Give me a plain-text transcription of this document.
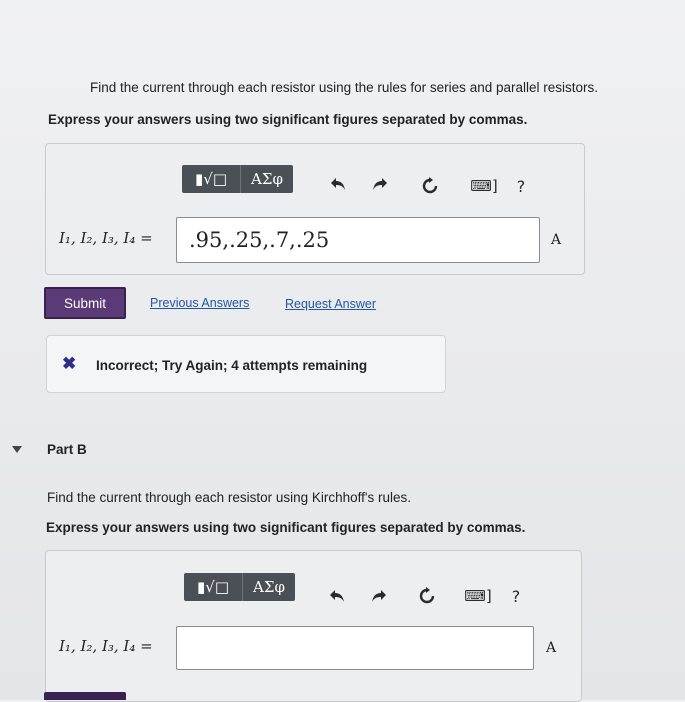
Find the current through each resistor using the rules for series and parallel resistors.
Express your answers using two significant figures separated by commas.
▮√□ AΣφ	⌨]	?
I₁, I₂, I₃, I₄ =	.95,.25,.7,.25	A
Submit	Previous Answers	Request Answer
✖ Incorrect; Try Again; 4 attempts remaining
Part B
Find the current through each resistor using Kirchhoff's rules.
Express your answers using two significant figures separated by commas.
▮√□ AΣφ	⌨]	?
I₁, I₂, I₃, I₄ =	A
